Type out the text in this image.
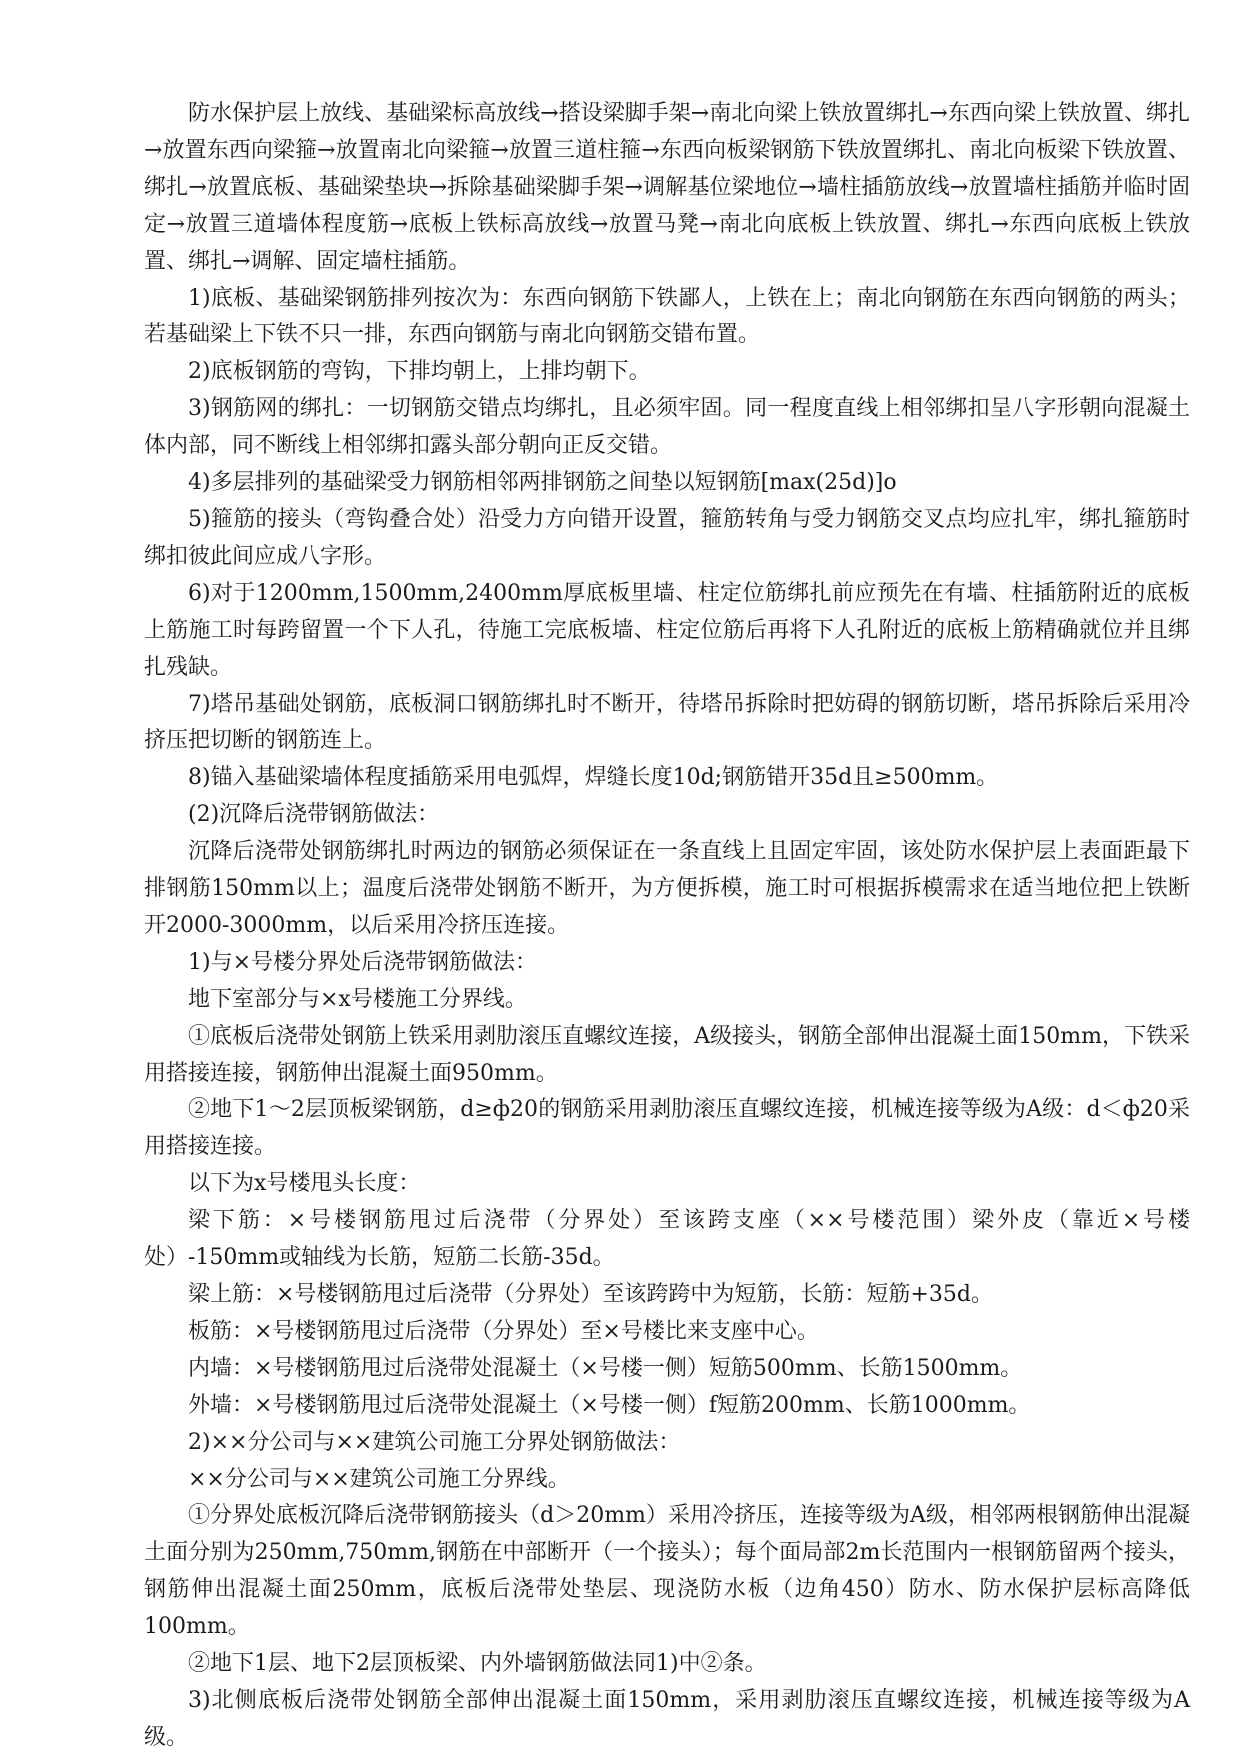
防水保护层上放线、基础梁标高放线→搭设梁脚手架→南北向梁上铁放置绑扎→东西向梁上铁放置、绑扎→放置东西向梁箍→放置南北向梁箍→放置三道柱箍→东西向板梁钢筋下铁放置绑扎、南北向板梁下铁放置、绑扎→放置底板、基础梁垫块→拆除基础梁脚手架→调解基位梁地位→墙柱插筋放线→放置墙柱插筋并临时固定→放置三道墙体程度筋→底板上铁标高放线→放置马凳→南北向底板上铁放置、绑扎→东西向底板上铁放置、绑扎→调解、固定墙柱插筋。

1)底板、基础梁钢筋排列按次为：东西向钢筋下铁鄙人，上铁在上；南北向钢筋在东西向钢筋的两头；若基础梁上下铁不只一排，东西向钢筋与南北向钢筋交错布置。

2)底板钢筋的弯钩，下排均朝上，上排均朝下。

3)钢筋网的绑扎：一切钢筋交错点均绑扎，且必须牢固。同一程度直线上相邻绑扣呈八字形朝向混凝土体内部，同不断线上相邻绑扣露头部分朝向正反交错。

4)多层排列的基础梁受力钢筋相邻两排钢筋之间垫以短钢筋[max(25d)]o

5)箍筋的接头（弯钩叠合处）沿受力方向错开设置，箍筋转角与受力钢筋交叉点均应扎牢，绑扎箍筋时绑扣彼此间应成八字形。

6)对于1200mm,1500mm,2400mm厚底板里墙、柱定位筋绑扎前应预先在有墙、柱插筋附近的底板上筋施工时每跨留置一个下人孔，待施工完底板墙、柱定位筋后再将下人孔附近的底板上筋精确就位并且绑扎残缺。

7)塔吊基础处钢筋，底板洞口钢筋绑扎时不断开，待塔吊拆除时把妨碍的钢筋切断，塔吊拆除后采用冷挤压把切断的钢筋连上。

8)锚入基础梁墙体程度插筋采用电弧焊，焊缝长度10d;钢筋错开35d且≥500mm。

(2)沉降后浇带钢筋做法：

沉降后浇带处钢筋绑扎时两边的钢筋必须保证在一条直线上且固定牢固，该处防水保护层上表面距最下排钢筋150mm以上；温度后浇带处钢筋不断开，为方便拆模，施工时可根据拆模需求在适当地位把上铁断开2000-3000mm，以后采用冷挤压连接。

1)与×号楼分界处后浇带钢筋做法：

地下室部分与×x号楼施工分界线。

①底板后浇带处钢筋上铁采用剥肋滚压直螺纹连接，A级接头，钢筋全部伸出混凝土面150mm，下铁采用搭接连接，钢筋伸出混凝土面950mm。

②地下1～2层顶板梁钢筋，d≥ф20的钢筋采用剥肋滚压直螺纹连接，机械连接等级为A级：d＜ф20采用搭接连接。

以下为x号楼甩头长度：

梁下筋：×号楼钢筋甩过后浇带（分界处）至该跨支座（××号楼范围）梁外皮（靠近×号楼处）-150mm或轴线为长筋，短筋二长筋-35d。

梁上筋：×号楼钢筋甩过后浇带（分界处）至该跨跨中为短筋，长筋：短筋+35d。

板筋：×号楼钢筋甩过后浇带（分界处）至×号楼比来支座中心。

内墙：×号楼钢筋甩过后浇带处混凝土（×号楼一侧）短筋500mm、长筋1500mm。

外墙：×号楼钢筋甩过后浇带处混凝土（×号楼一侧）f短筋200mm、长筋1000mm。

2)××分公司与××建筑公司施工分界处钢筋做法：

××分公司与××建筑公司施工分界线。

①分界处底板沉降后浇带钢筋接头（d＞20mm）采用冷挤压，连接等级为A级，相邻两根钢筋伸出混凝土面分别为250mm,750mm,钢筋在中部断开（一个接头）；每个面局部2m长范围内一根钢筋留两个接头，钢筋伸出混凝土面250mm，底板后浇带处垫层、现浇防水板（边角450）防水、防水保护层标高降低100mm。

②地下1层、地下2层顶板梁、内外墙钢筋做法同1)中②条。

3)北侧底板后浇带处钢筋全部伸出混凝土面150mm，采用剥肋滚压直螺纹连接，机械连接等级为A级。
